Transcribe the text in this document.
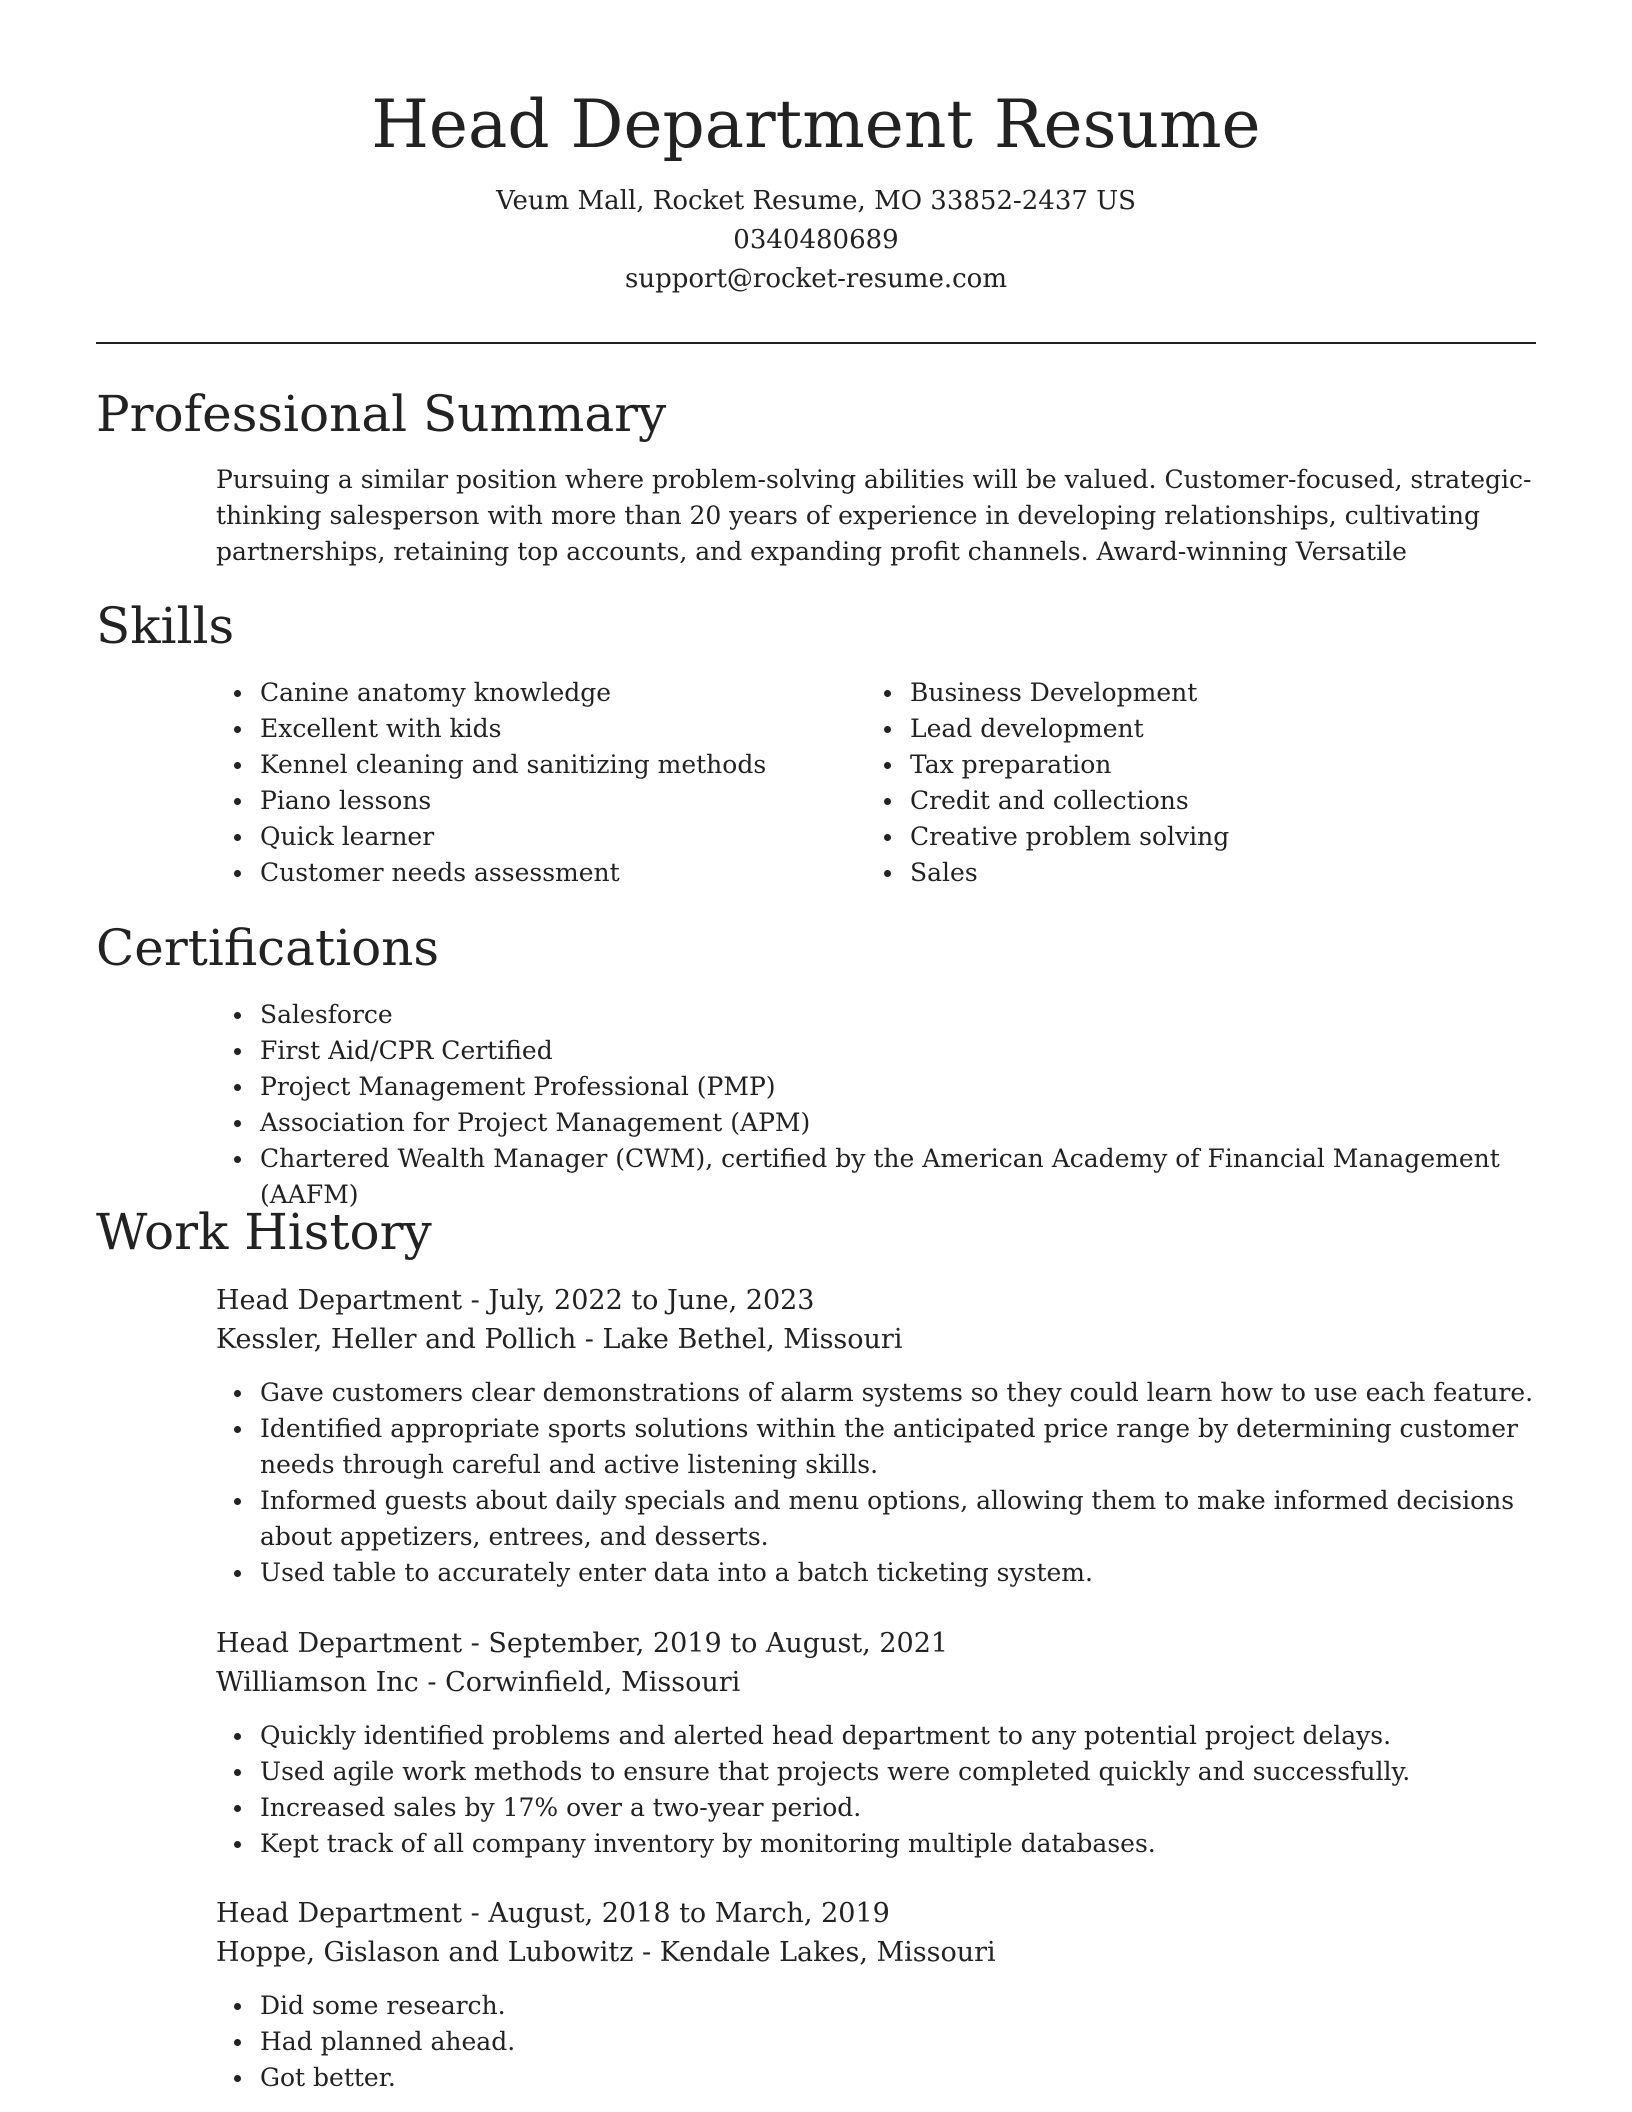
Head Department Resume
Veum Mall, Rocket Resume, MO 33852-2437 US
0340480689
support@rocket-resume.com
Professional Summary

Pursuing a similar position where problem-solving abilities will be valued. Customer-focused, strategic-thinking salesperson with more than 20 years of experience in developing relationships, cultivating partnerships, retaining top accounts, and expanding profit channels. Award-winning Versatile

Skills
Canine anatomy knowledge
Excellent with kids
Kennel cleaning and sanitizing methods
Piano lessons
Quick learner
Customer needs assessment
Business Development
Lead development
Tax preparation
Credit and collections
Creative problem solving
Sales
Certifications
Salesforce
First Aid/CPR Certified
Project Management Professional (PMP)
Association for Project Management (APM)
Chartered Wealth Manager (CWM), certified by the American Academy of Financial Management (AAFM)
Work History
Head Department - July, 2022 to June, 2023
Kessler, Heller and Pollich - Lake Bethel, Missouri
Gave customers clear demonstrations of alarm systems so they could learn how to use each feature.
Identified appropriate sports solutions within the anticipated price range by determining customer needs through careful and active listening skills.
Informed guests about daily specials and menu options, allowing them to make informed decisions about appetizers, entrees, and desserts.
Used table to accurately enter data into a batch ticketing system.
Head Department - September, 2019 to August, 2021
Williamson Inc - Corwinfield, Missouri
Quickly identified problems and alerted head department to any potential project delays.
Used agile work methods to ensure that projects were completed quickly and successfully.
Increased sales by 17% over a two-year period.
Kept track of all company inventory by monitoring multiple databases.
Head Department - August, 2018 to March, 2019
Hoppe, Gislason and Lubowitz - Kendale Lakes, Missouri
Did some research.
Had planned ahead.
Got better.
